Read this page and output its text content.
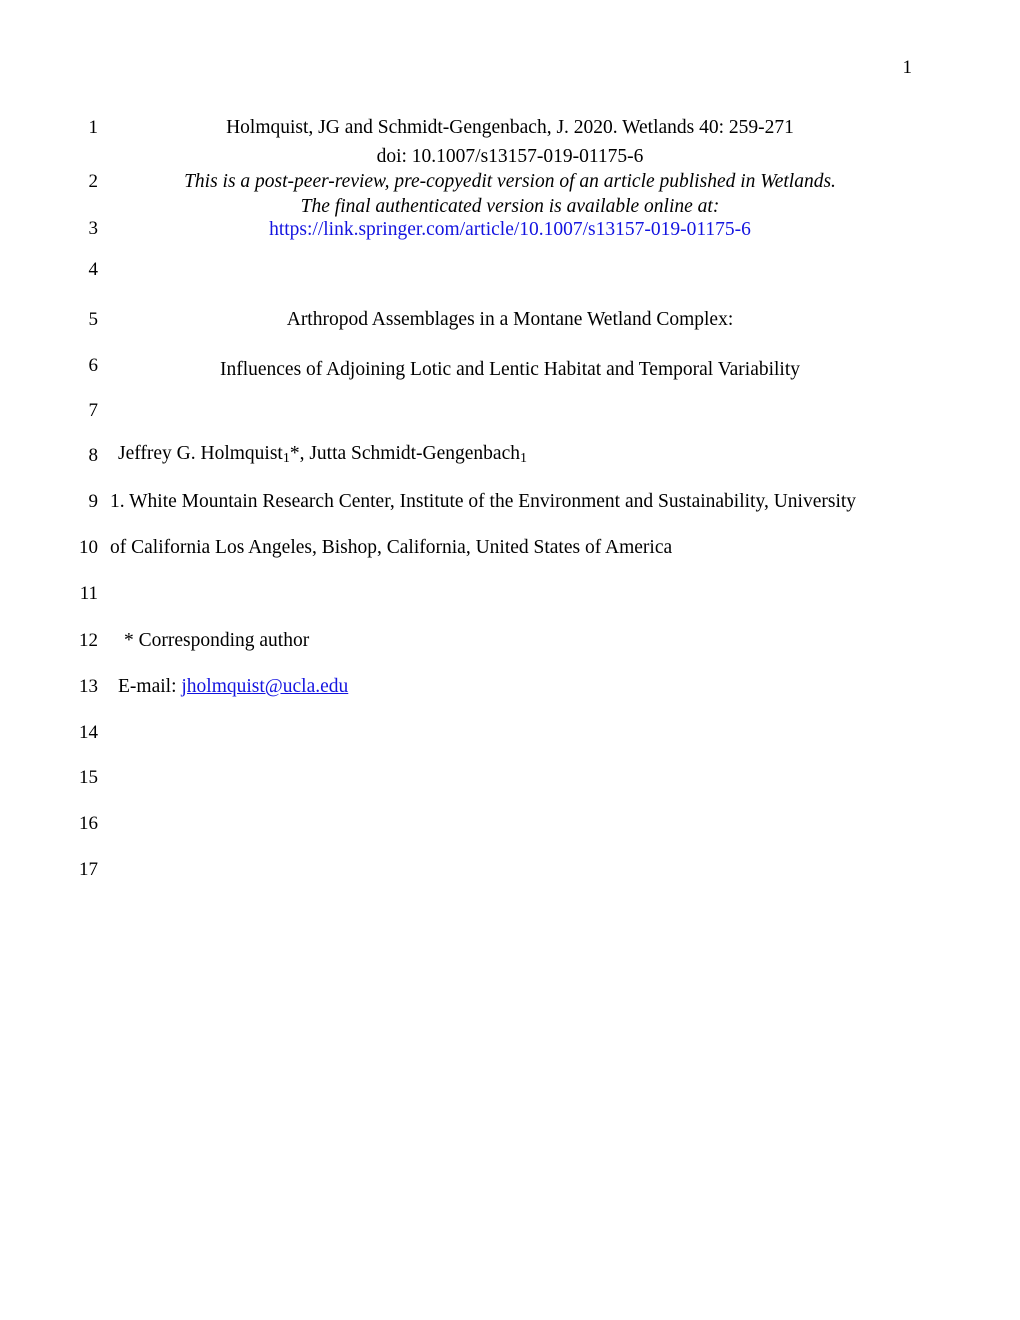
1
1
2
3
4
5
6
7
8
9
10
11
12
13
14
15
16
17
Holmquist, JG and Schmidt-Gengenbach, J. 2020. Wetlands 40: 259-271
doi: 10.1007/s13157-019-01175-6
This is a post-peer-review, pre-copyedit version of an article published in Wetlands.
The final authenticated version is available online at:
https://link.springer.com/article/10.1007/s13157-019-01175-6
Arthropod Assemblages in a Montane Wetland Complex:
Influences of Adjoining Lotic and Lentic Habitat and Temporal Variability
Jeffrey G. Holmquist1*, Jutta Schmidt-Gengenbach1
1. White Mountain Research Center, Institute of the Environment and Sustainability, University
of California Los Angeles, Bishop, California, United States of America
* Corresponding author
E-mail: jholmquist@ucla.edu
